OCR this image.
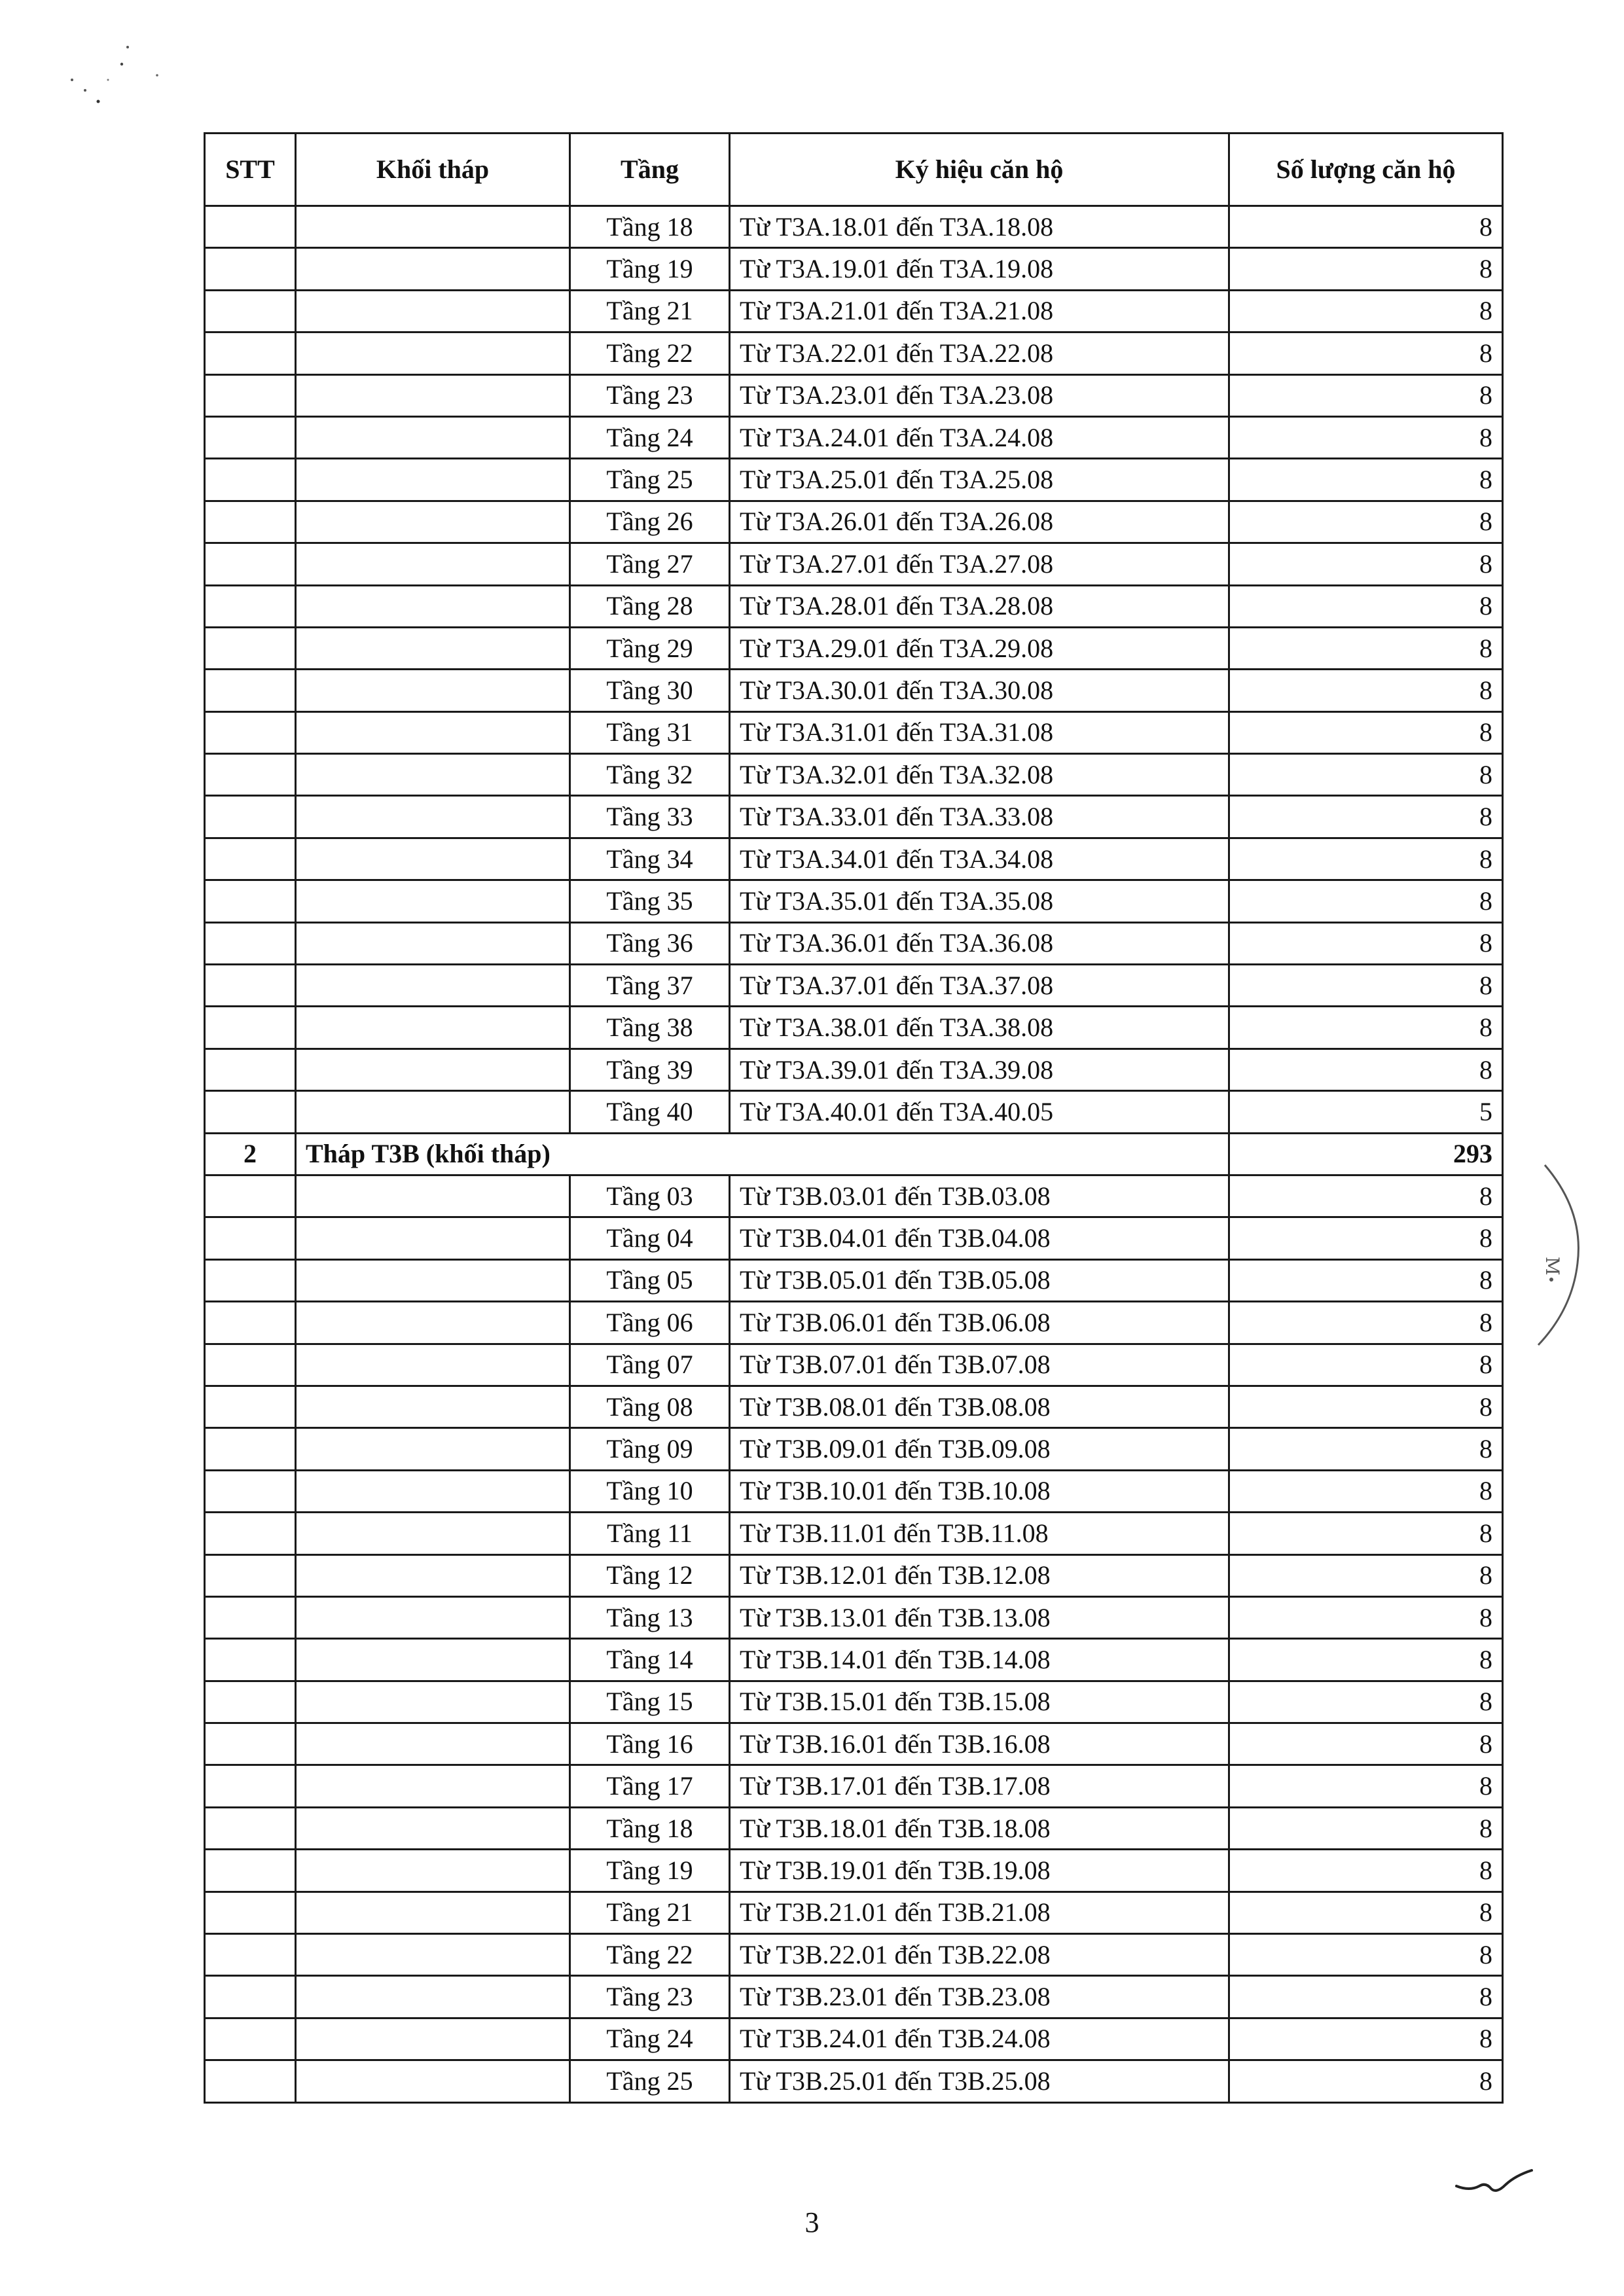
STT	Khối tháp	Tầng	Ký hiệu căn hộ	Số lượng căn hộ

		Tầng 18	Từ T3A.18.01 đến T3A.18.08	8
		Tầng 19	Từ T3A.19.01 đến T3A.19.08	8
		Tầng 21	Từ T3A.21.01 đến T3A.21.08	8
		Tầng 22	Từ T3A.22.01 đến T3A.22.08	8
		Tầng 23	Từ T3A.23.01 đến T3A.23.08	8
		Tầng 24	Từ T3A.24.01 đến T3A.24.08	8
		Tầng 25	Từ T3A.25.01 đến T3A.25.08	8
		Tầng 26	Từ T3A.26.01 đến T3A.26.08	8
		Tầng 27	Từ T3A.27.01 đến T3A.27.08	8
		Tầng 28	Từ T3A.28.01 đến T3A.28.08	8
		Tầng 29	Từ T3A.29.01 đến T3A.29.08	8
		Tầng 30	Từ T3A.30.01 đến T3A.30.08	8
		Tầng 31	Từ T3A.31.01 đến T3A.31.08	8
		Tầng 32	Từ T3A.32.01 đến T3A.32.08	8
		Tầng 33	Từ T3A.33.01 đến T3A.33.08	8
		Tầng 34	Từ T3A.34.01 đến T3A.34.08	8
		Tầng 35	Từ T3A.35.01 đến T3A.35.08	8
		Tầng 36	Từ T3A.36.01 đến T3A.36.08	8
		Tầng 37	Từ T3A.37.01 đến T3A.37.08	8
		Tầng 38	Từ T3A.38.01 đến T3A.38.08	8
		Tầng 39	Từ T3A.39.01 đến T3A.39.08	8
		Tầng 40	Từ T3A.40.01 đến T3A.40.05	5
2	Tháp T3B (khối tháp)			293
		Tầng 03	Từ T3B.03.01 đến T3B.03.08	8
		Tầng 04	Từ T3B.04.01 đến T3B.04.08	8
		Tầng 05	Từ T3B.05.01 đến T3B.05.08	8
		Tầng 06	Từ T3B.06.01 đến T3B.06.08	8
		Tầng 07	Từ T3B.07.01 đến T3B.07.08	8
		Tầng 08	Từ T3B.08.01 đến T3B.08.08	8
		Tầng 09	Từ T3B.09.01 đến T3B.09.08	8
		Tầng 10	Từ T3B.10.01 đến T3B.10.08	8
		Tầng 11	Từ T3B.11.01 đến T3B.11.08	8
		Tầng 12	Từ T3B.12.01 đến T3B.12.08	8
		Tầng 13	Từ T3B.13.01 đến T3B.13.08	8
		Tầng 14	Từ T3B.14.01 đến T3B.14.08	8
		Tầng 15	Từ T3B.15.01 đến T3B.15.08	8
		Tầng 16	Từ T3B.16.01 đến T3B.16.08	8
		Tầng 17	Từ T3B.17.01 đến T3B.17.08	8
		Tầng 18	Từ T3B.18.01 đến T3B.18.08	8
		Tầng 19	Từ T3B.19.01 đến T3B.19.08	8
		Tầng 21	Từ T3B.21.01 đến T3B.21.08	8
		Tầng 22	Từ T3B.22.01 đến T3B.22.08	8
		Tầng 23	Từ T3B.23.01 đến T3B.23.08	8
		Tầng 24	Từ T3B.24.01 đến T3B.24.08	8
		Tầng 25	Từ T3B.25.01 đến T3B.25.08	8
M
3
